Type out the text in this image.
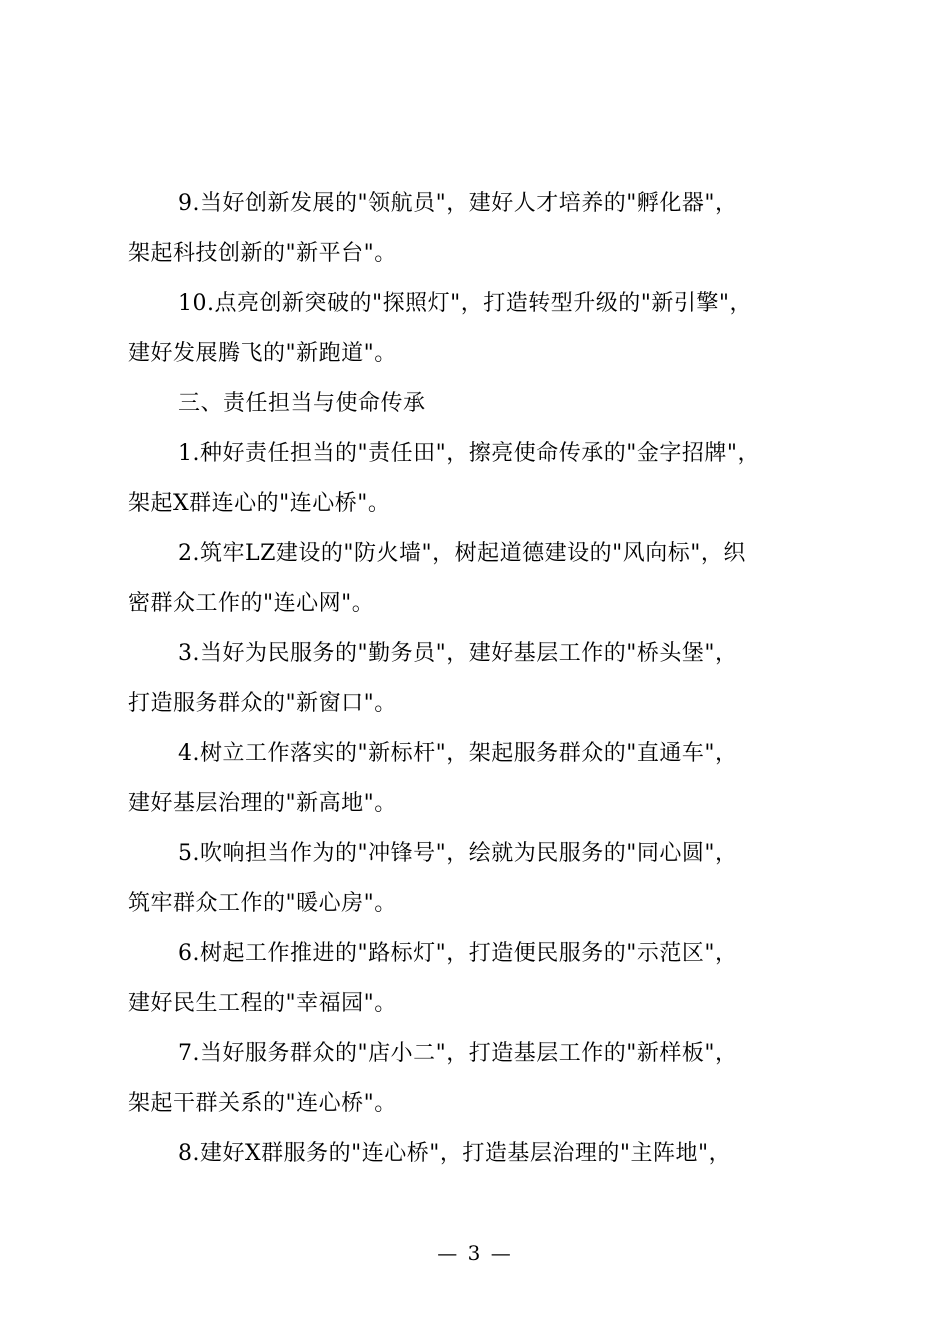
9.当好创新发展的"领航员"，建好人才培养的"孵化器"，
架起科技创新的"新平台"。
10.点亮创新突破的"探照灯"，打造转型升级的"新引擎"，
建好发展腾飞的"新跑道"。
三、责任担当与使命传承
1.种好责任担当的"责任田"，擦亮使命传承的"金字招牌"，
架起X群连心的"连心桥"。
2.筑牢LZ建设的"防火墙"，树起道德建设的"风向标"，织
密群众工作的"连心网"。
3.当好为民服务的"勤务员"，建好基层工作的"桥头堡"，
打造服务群众的"新窗口"。
4.树立工作落实的"新标杆"，架起服务群众的"直通车"，
建好基层治理的"新高地"。
5.吹响担当作为的"冲锋号"，绘就为民服务的"同心圆"，
筑牢群众工作的"暖心房"。
6.树起工作推进的"路标灯"，打造便民服务的"示范区"，
建好民生工程的"幸福园"。
7.当好服务群众的"店小二"，打造基层工作的"新样板"，
架起干群关系的"连心桥"。
8.建好X群服务的"连心桥"，打造基层治理的"主阵地"，
— 3 —
